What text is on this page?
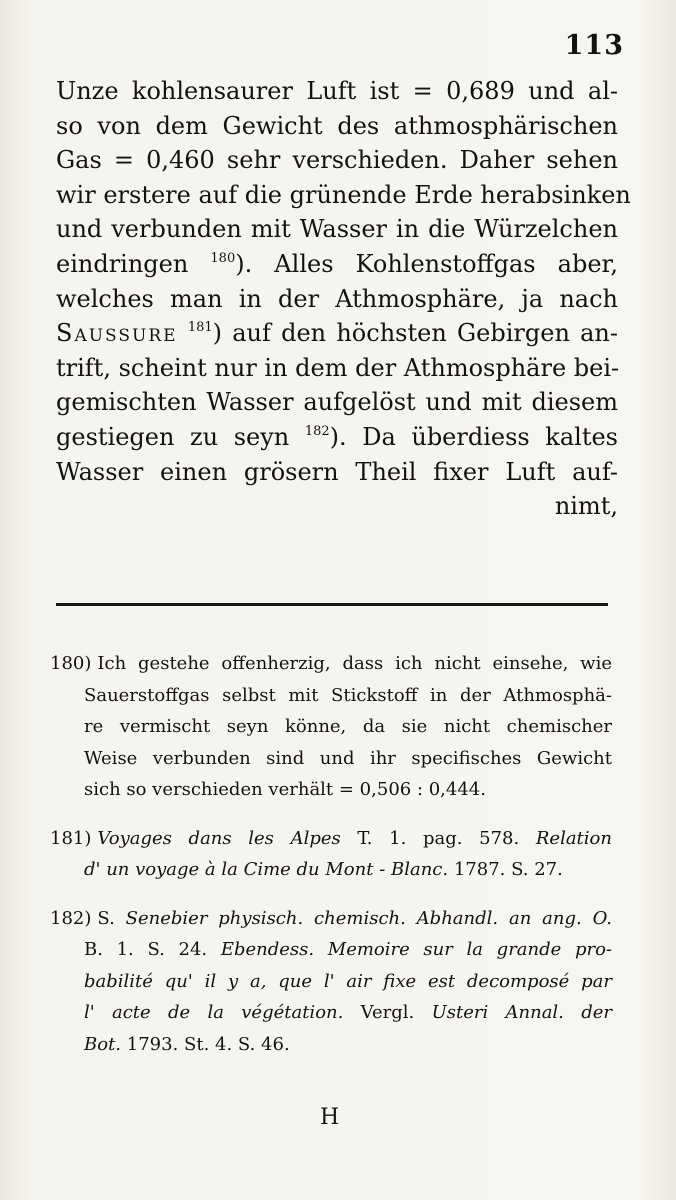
113
Unze kohlensaurer Luft ist = 0,689 und al-
so von dem Gewicht des athmosphärischen
Gas = 0,460 sehr verschieden. Daher sehen
wir erstere auf die grünende Erde herabsinken
und verbunden mit Wasser in die Würzelchen
eindringen $^{180}$). Alles Kohlenstoffgas aber,
welches man in der Athmosphäre, ja nach
Saussure $^{181}$) auf den höchsten Gebirgen an-
trift, scheint nur in dem der Athmosphäre bei-
gemischten Wasser aufgelöst und mit diesem
gestiegen zu seyn $^{182}$). Da überdiess kaltes
Wasser einen grösern Theil fixer Luft auf-
nimt,
180) Ich gestehe offenherzig, dass ich nicht einsehe, wie
Sauerstoffgas selbst mit Stickstoff in der Athmosphä-
re vermischt seyn könne, da sie nicht chemischer
Weise verbunden sind und ihr specifisches Gewicht
sich so verschieden verhält = 0,506 : 0,444.
181) Voyages dans les Alpes T. 1. pag. 578. Relation
d' un voyage à la Cime du Mont - Blanc. 1787. S. 27.
182) S. Senebier physisch. chemisch. Abhandl. an ang. O.
B. 1. S. 24. Ebendess. Memoire sur la grande pro-
babilité qu' il y a, que l' air fixe est decomposé par
l' acte de la végétation. Vergl. Usteri Annal. der
Bot. 1793. St. 4. S. 46.
H
